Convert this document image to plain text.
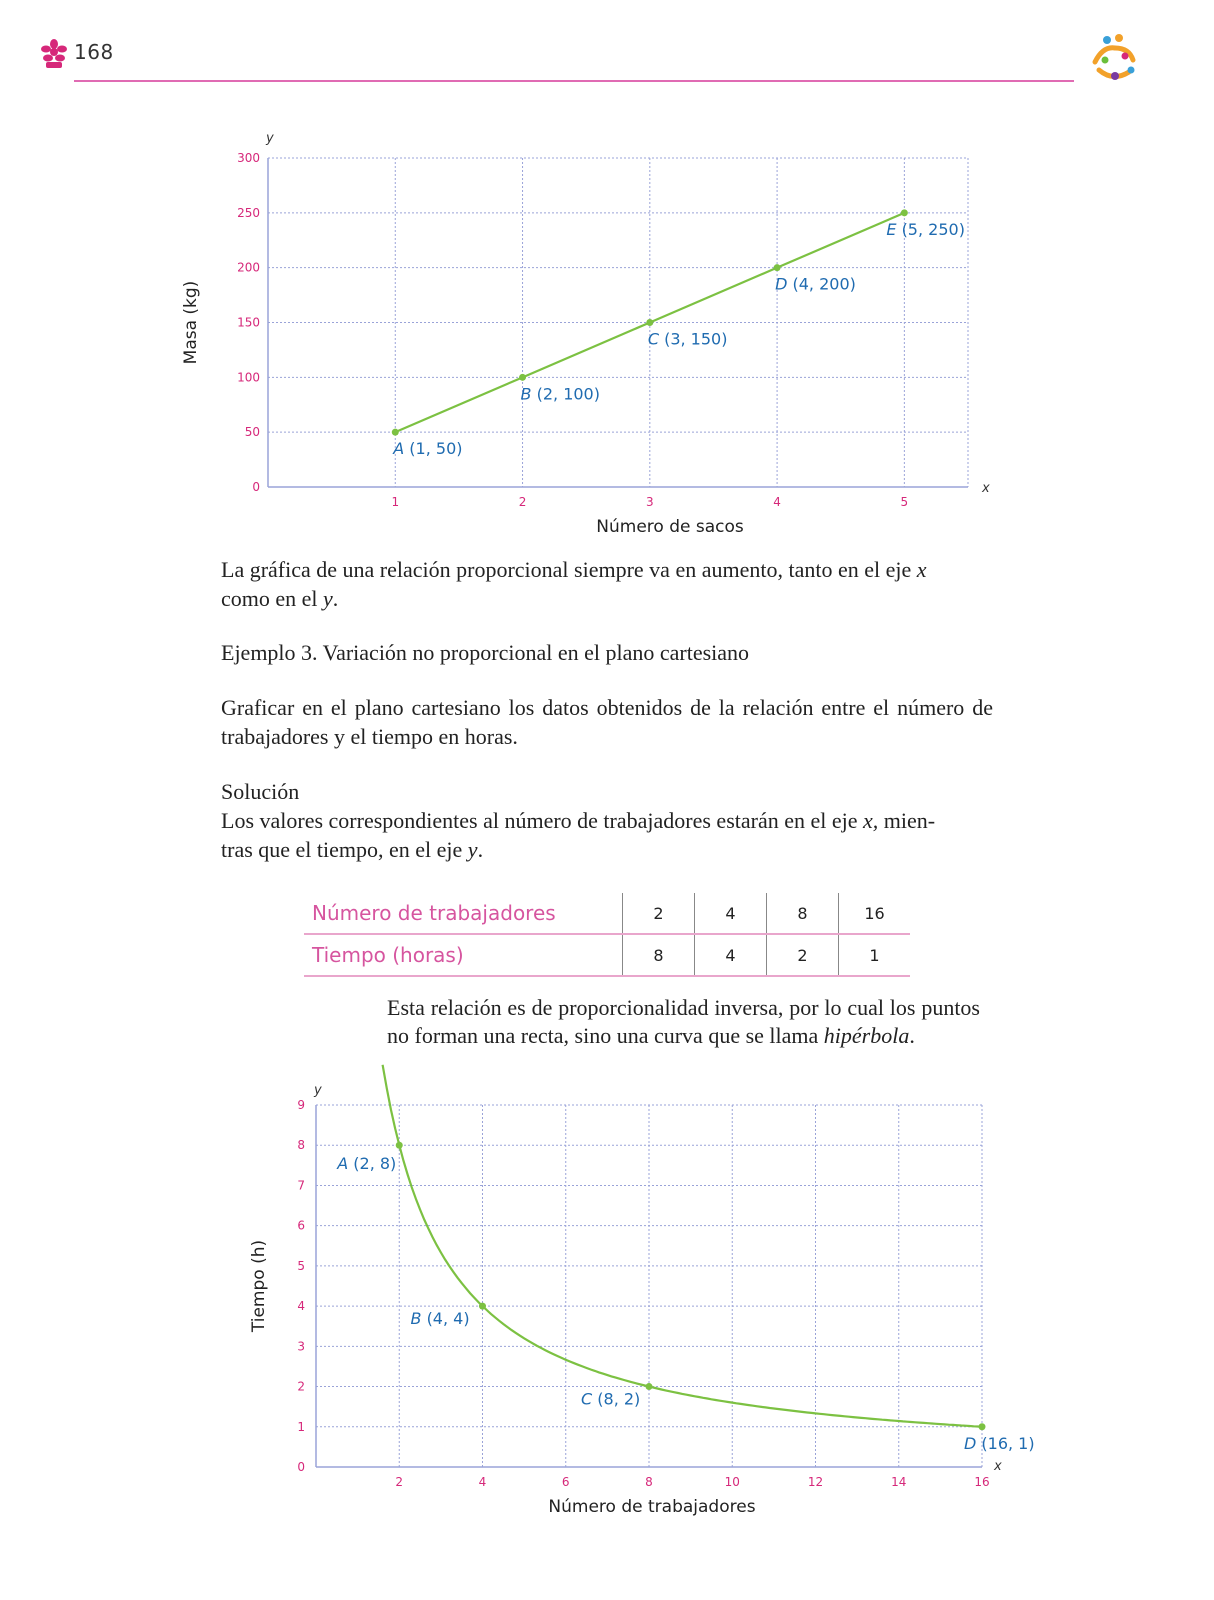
168
1	2	3	4	5
0
50
100
150
200
250
300
x
y
Número de sacos
Masa (kg)
A (1, 50)
B (2, 100)
C (3, 150)
D (4, 200)
E (5, 250)

La gráfica de una relación proporcional siempre va en aumento, tanto en el eje x
como en el y.

Ejemplo 3. Variación no proporcional en el plano cartesiano

Graficar en el plano cartesiano los datos obtenidos de la relación entre el número de trabajadores y el tiempo en horas.

Solución

Los valores correspondientes al número de trabajadores estarán en el eje x, mien-
tras que el tiempo, en el eje y.

Número de trabajadores	2	4	8	16
Tiempo (horas)	8	4	2	1

Esta relación es de proporcionalidad inversa, por lo cual los puntos no forman una recta, sino una curva que se llama hipérbola.

2	4	6	8	10	12	14	16
0
1
2
3
4
5
6
7
8
9
x
y
Número de trabajadores
Tiempo (h)
A (2, 8)
B (4, 4)
C (8, 2)
D (16, 1)
